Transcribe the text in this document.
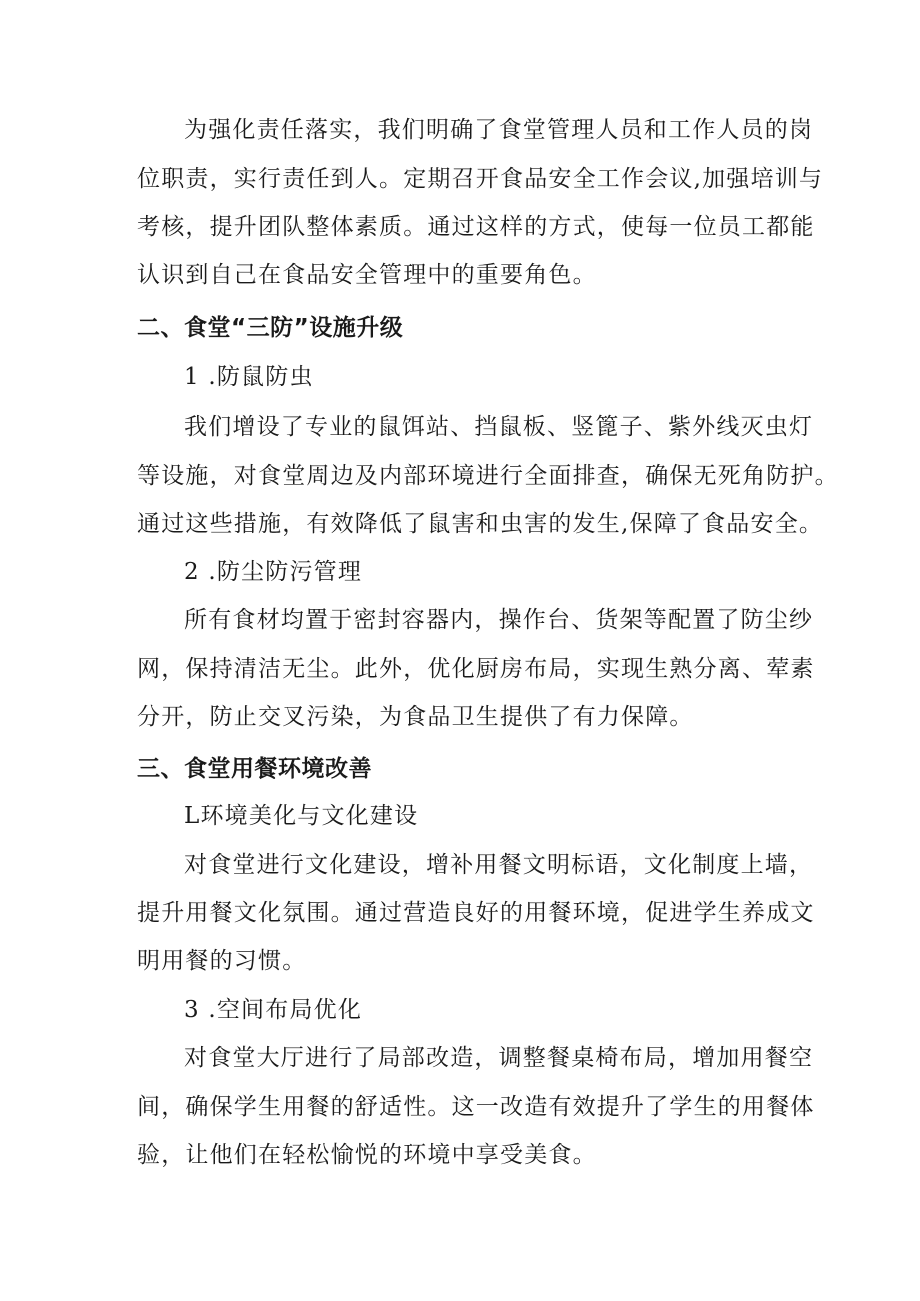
为强化责任落实，我们明确了食堂管理人员和工作人员的岗
位职责，实行责任到人。定期召开食品安全工作会议,加强培训与
考核，提升团队整体素质。通过这样的方式，使每一位员工都能
认识到自己在食品安全管理中的重要角色。
二、食堂“三防”设施升级
1 .防鼠防虫
我们增设了专业的鼠饵站、挡鼠板、竖篦子、紫外线灭虫灯
等设施，对食堂周边及内部环境进行全面排查，确保无死角防护。
通过这些措施，有效降低了鼠害和虫害的发生,保障了食品安全。
2 .防尘防污管理
所有食材均置于密封容器内，操作台、货架等配置了防尘纱
网，保持清洁无尘。此外，优化厨房布局，实现生熟分离、荤素
分开，防止交叉污染，为食品卫生提供了有力保障。
三、食堂用餐环境改善
L环境美化与文化建设
对食堂进行文化建设，增补用餐文明标语，文化制度上墙，
提升用餐文化氛围。通过营造良好的用餐环境，促进学生养成文
明用餐的习惯。
3 .空间布局优化
对食堂大厅进行了局部改造，调整餐桌椅布局，增加用餐空
间，确保学生用餐的舒适性。这一改造有效提升了学生的用餐体
验，让他们在轻松愉悦的环境中享受美食。
